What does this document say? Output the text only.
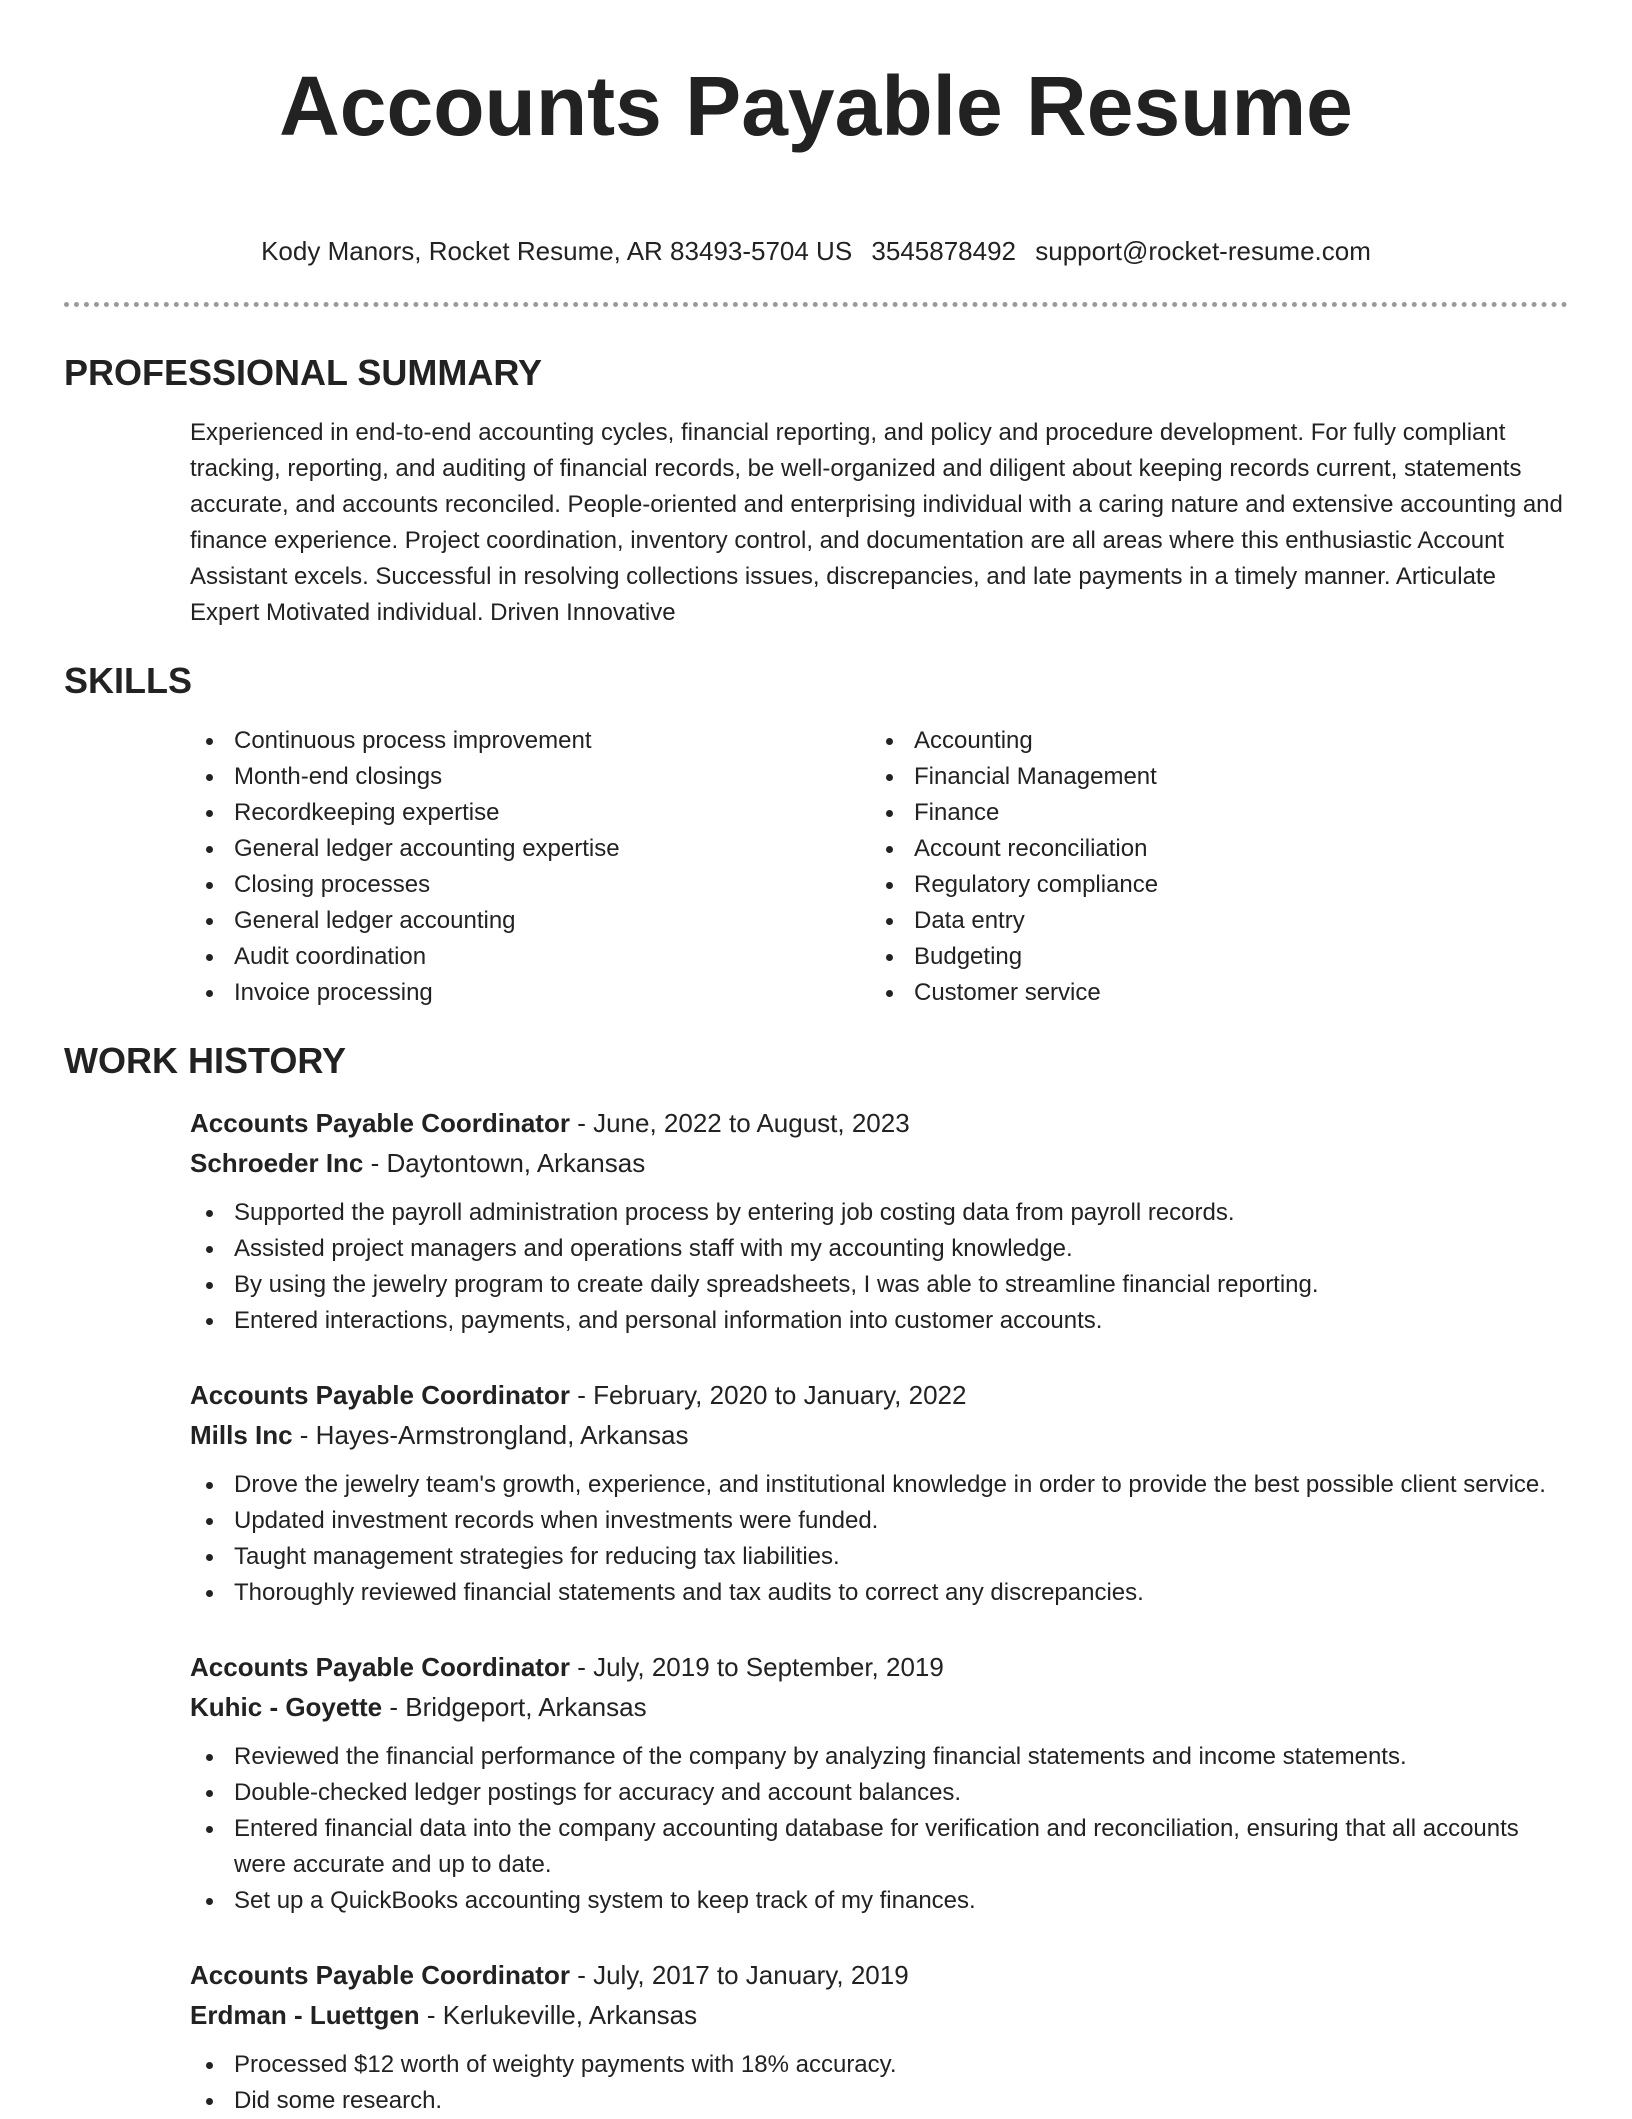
Accounts Payable Resume
Kody Manors, Rocket Resume, AR 83493-5704 US 3545878492 support@rocket-resume.com
PROFESSIONAL SUMMARY

Experienced in end-to-end accounting cycles, financial reporting, and policy and procedure development. For fully compliant tracking, reporting, and auditing of financial records, be well-organized and diligent about keeping records current, statements accurate, and accounts reconciled. People-oriented and enterprising individual with a caring nature and extensive accounting and finance experience. Project coordination, inventory control, and documentation are all areas where this enthusiastic Account Assistant excels. Successful in resolving collections issues, discrepancies, and late payments in a timely manner. Articulate Expert Motivated individual. Driven Innovative

SKILLS
Continuous process improvement
Month-end closings
Recordkeeping expertise
General ledger accounting expertise
Closing processes
General ledger accounting
Audit coordination
Invoice processing
Accounting
Financial Management
Finance
Account reconciliation
Regulatory compliance
Data entry
Budgeting
Customer service
WORK HISTORY
Accounts Payable Coordinator - June, 2022 to August, 2023
Schroeder Inc - Daytontown, Arkansas
Supported the payroll administration process by entering job costing data from payroll records.
Assisted project managers and operations staff with my accounting knowledge.
By using the jewelry program to create daily spreadsheets, I was able to streamline financial reporting.
Entered interactions, payments, and personal information into customer accounts.
Accounts Payable Coordinator - February, 2020 to January, 2022
Mills Inc - Hayes-Armstrongland, Arkansas
Drove the jewelry team's growth, experience, and institutional knowledge in order to provide the best possible client service.
Updated investment records when investments were funded.
Taught management strategies for reducing tax liabilities.
Thoroughly reviewed financial statements and tax audits to correct any discrepancies.
Accounts Payable Coordinator - July, 2019 to September, 2019
Kuhic - Goyette - Bridgeport, Arkansas
Reviewed the financial performance of the company by analyzing financial statements and income statements.
Double-checked ledger postings for accuracy and account balances.
Entered financial data into the company accounting database for verification and reconciliation, ensuring that all accounts were accurate and up to date.
Set up a QuickBooks accounting system to keep track of my finances.
Accounts Payable Coordinator - July, 2017 to January, 2019
Erdman - Luettgen - Kerlukeville, Arkansas
Processed $12 worth of weighty payments with 18% accuracy.
Did some research.
